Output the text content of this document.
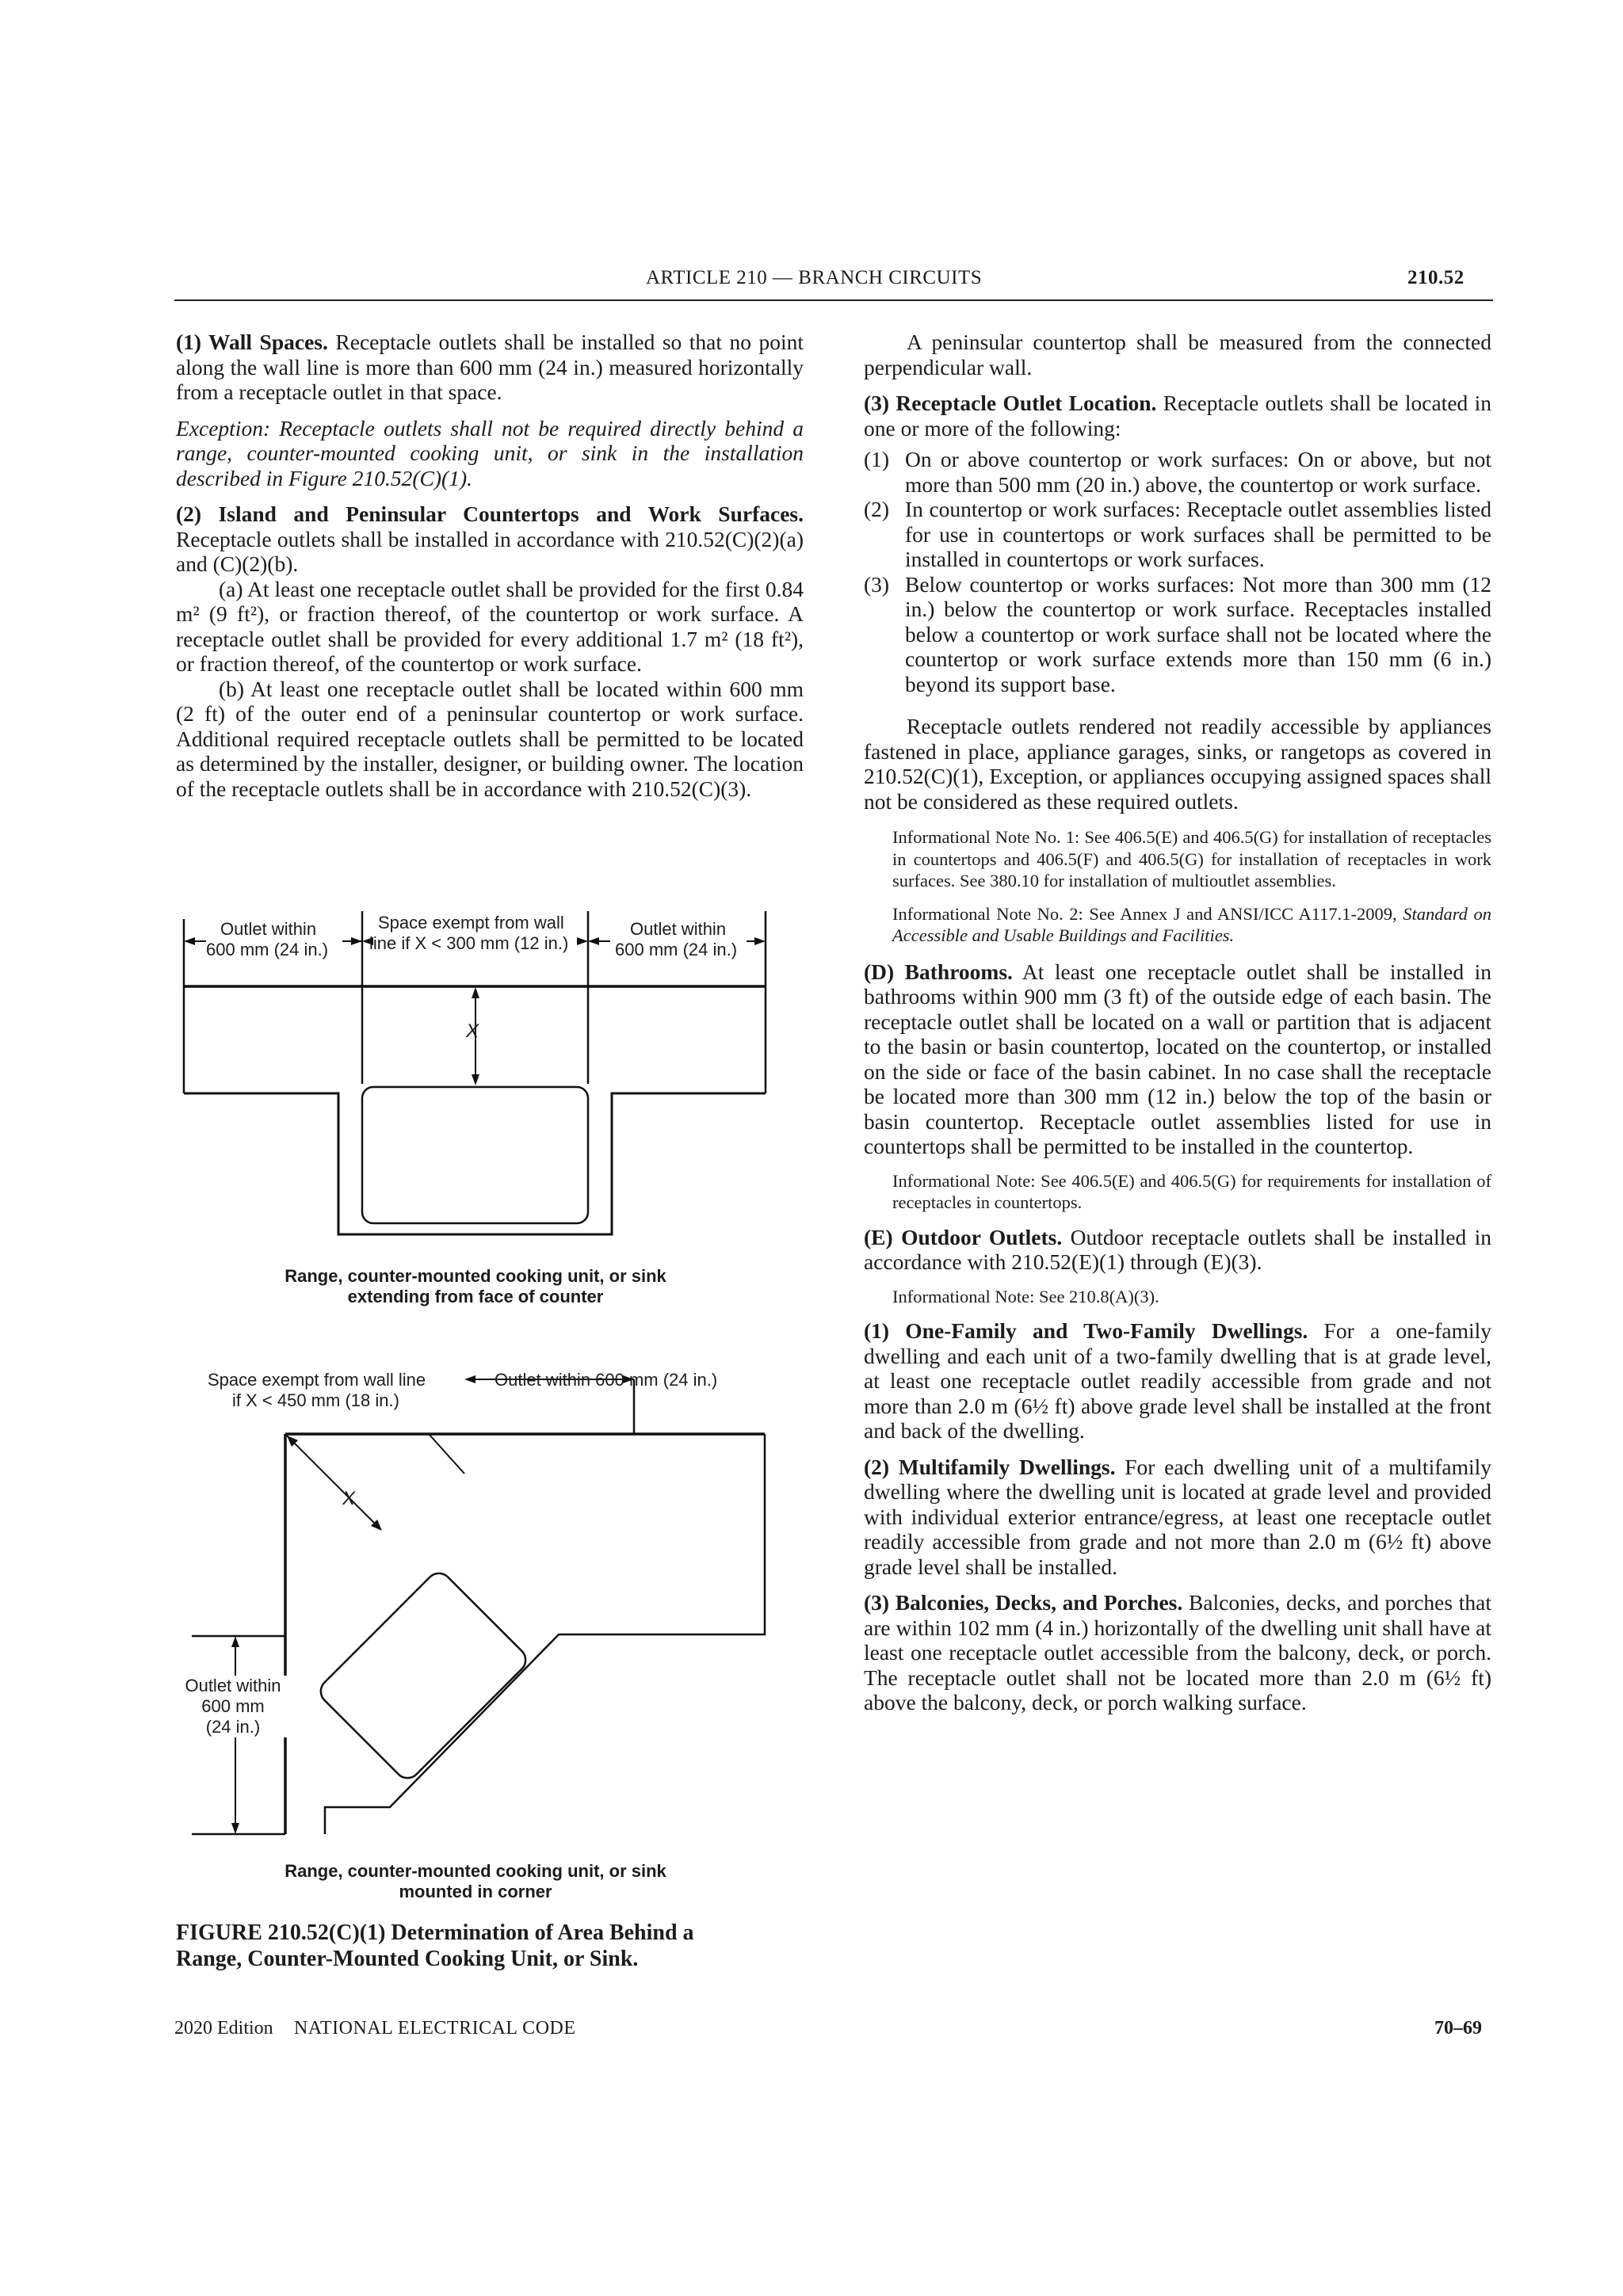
ARTICLE 210 — BRANCH CIRCUITS	210.52

(1) Wall Spaces. Receptacle outlets shall be installed so that no point along the wall line is more than 600 mm (24 in.) measured horizontally from a receptacle outlet in that space.

Exception: Receptacle outlets shall not be required directly behind a range, counter-mounted cooking unit, or sink in the installation described in Figure 210.52(C)(1).

(2) Island and Peninsular Countertops and Work Surfaces. Receptacle outlets shall be installed in accordance with 210.52(C)(2)(a) and (C)(2)(b).

(a) At least one receptacle outlet shall be provided for the first 0.84 m² (9 ft²), or fraction thereof, of the countertop or work surface. A receptacle outlet shall be provided for every additional 1.7 m² (18 ft²), or fraction thereof, of the countertop or work surface.

(b) At least one receptacle outlet shall be located within 600 mm (2 ft) of the outer end of a peninsular countertop or work surface. Additional required receptacle outlets shall be permitted to be located as determined by the installer, designer, or building owner. The location of the receptacle outlets shall be in accordance with 210.52(C)(3).

Outlet within
600 mm (24 in.)
Space exempt from wall
line if X < 300 mm (12 in.)
Outlet within
600 mm (24 in.)
X
Range, counter-mounted cooking unit, or sink
extending from face of counter
Space exempt from wall line
if X < 450 mm (18 in.)
Outlet within 600 mm (24 in.)
X
Outlet within
600 mm
(24 in.)
Range, counter-mounted cooking unit, or sink
mounted in corner
FIGURE 210.52(C)(1) Determination of Area Behind a
Range, Counter-Mounted Cooking Unit, or Sink.

A peninsular countertop shall be measured from the connected perpendicular wall.

(3) Receptacle Outlet Location. Receptacle outlets shall be located in one or more of the following:

(1) On or above countertop or work surfaces: On or above, but not more than 500 mm (20 in.) above, the countertop or work surface.
(2) In countertop or work surfaces: Receptacle outlet assemblies listed for use in countertops or work surfaces shall be permitted to be installed in countertops or work surfaces.
(3) Below countertop or works surfaces: Not more than 300 mm (12 in.) below the countertop or work surface. Receptacles installed below a countertop or work surface shall not be located where the countertop or work surface extends more than 150 mm (6 in.) beyond its support base.

Receptacle outlets rendered not readily accessible by appliances fastened in place, appliance garages, sinks, or rangetops as covered in 210.52(C)(1), Exception, or appliances occupying assigned spaces shall not be considered as these required outlets.

Informational Note No. 1: See 406.5(E) and 406.5(G) for installation of receptacles in countertops and 406.5(F) and 406.5(G) for installation of receptacles in work surfaces. See 380.10 for installation of multioutlet assemblies.

Informational Note No. 2: See Annex J and ANSI/ICC A117.1-2009, Standard on Accessible and Usable Buildings and Facilities.

(D) Bathrooms. At least one receptacle outlet shall be installed in bathrooms within 900 mm (3 ft) of the outside edge of each basin. The receptacle outlet shall be located on a wall or partition that is adjacent to the basin or basin countertop, located on the countertop, or installed on the side or face of the basin cabinet. In no case shall the receptacle be located more than 300 mm (12 in.) below the top of the basin or basin countertop. Receptacle outlet assemblies listed for use in countertops shall be permitted to be installed in the countertop.

Informational Note: See 406.5(E) and 406.5(G) for requirements for installation of receptacles in countertops.

(E) Outdoor Outlets. Outdoor receptacle outlets shall be installed in accordance with 210.52(E)(1) through (E)(3).

Informational Note: See 210.8(A)(3).

(1) One-Family and Two-Family Dwellings. For a one-family dwelling and each unit of a two-family dwelling that is at grade level, at least one receptacle outlet readily accessible from grade and not more than 2.0 m (6½ ft) above grade level shall be installed at the front and back of the dwelling.

(2) Multifamily Dwellings. For each dwelling unit of a multifamily dwelling where the dwelling unit is located at grade level and provided with individual exterior entrance/egress, at least one receptacle outlet readily accessible from grade and not more than 2.0 m (6½ ft) above grade level shall be installed.

(3) Balconies, Decks, and Porches. Balconies, decks, and porches that are within 102 mm (4 in.) horizontally of the dwelling unit shall have at least one receptacle outlet accessible from the balcony, deck, or porch. The receptacle outlet shall not be located more than 2.0 m (6½ ft) above the balcony, deck, or porch walking surface.

2020 Edition NATIONAL ELECTRICAL CODE	70–69
